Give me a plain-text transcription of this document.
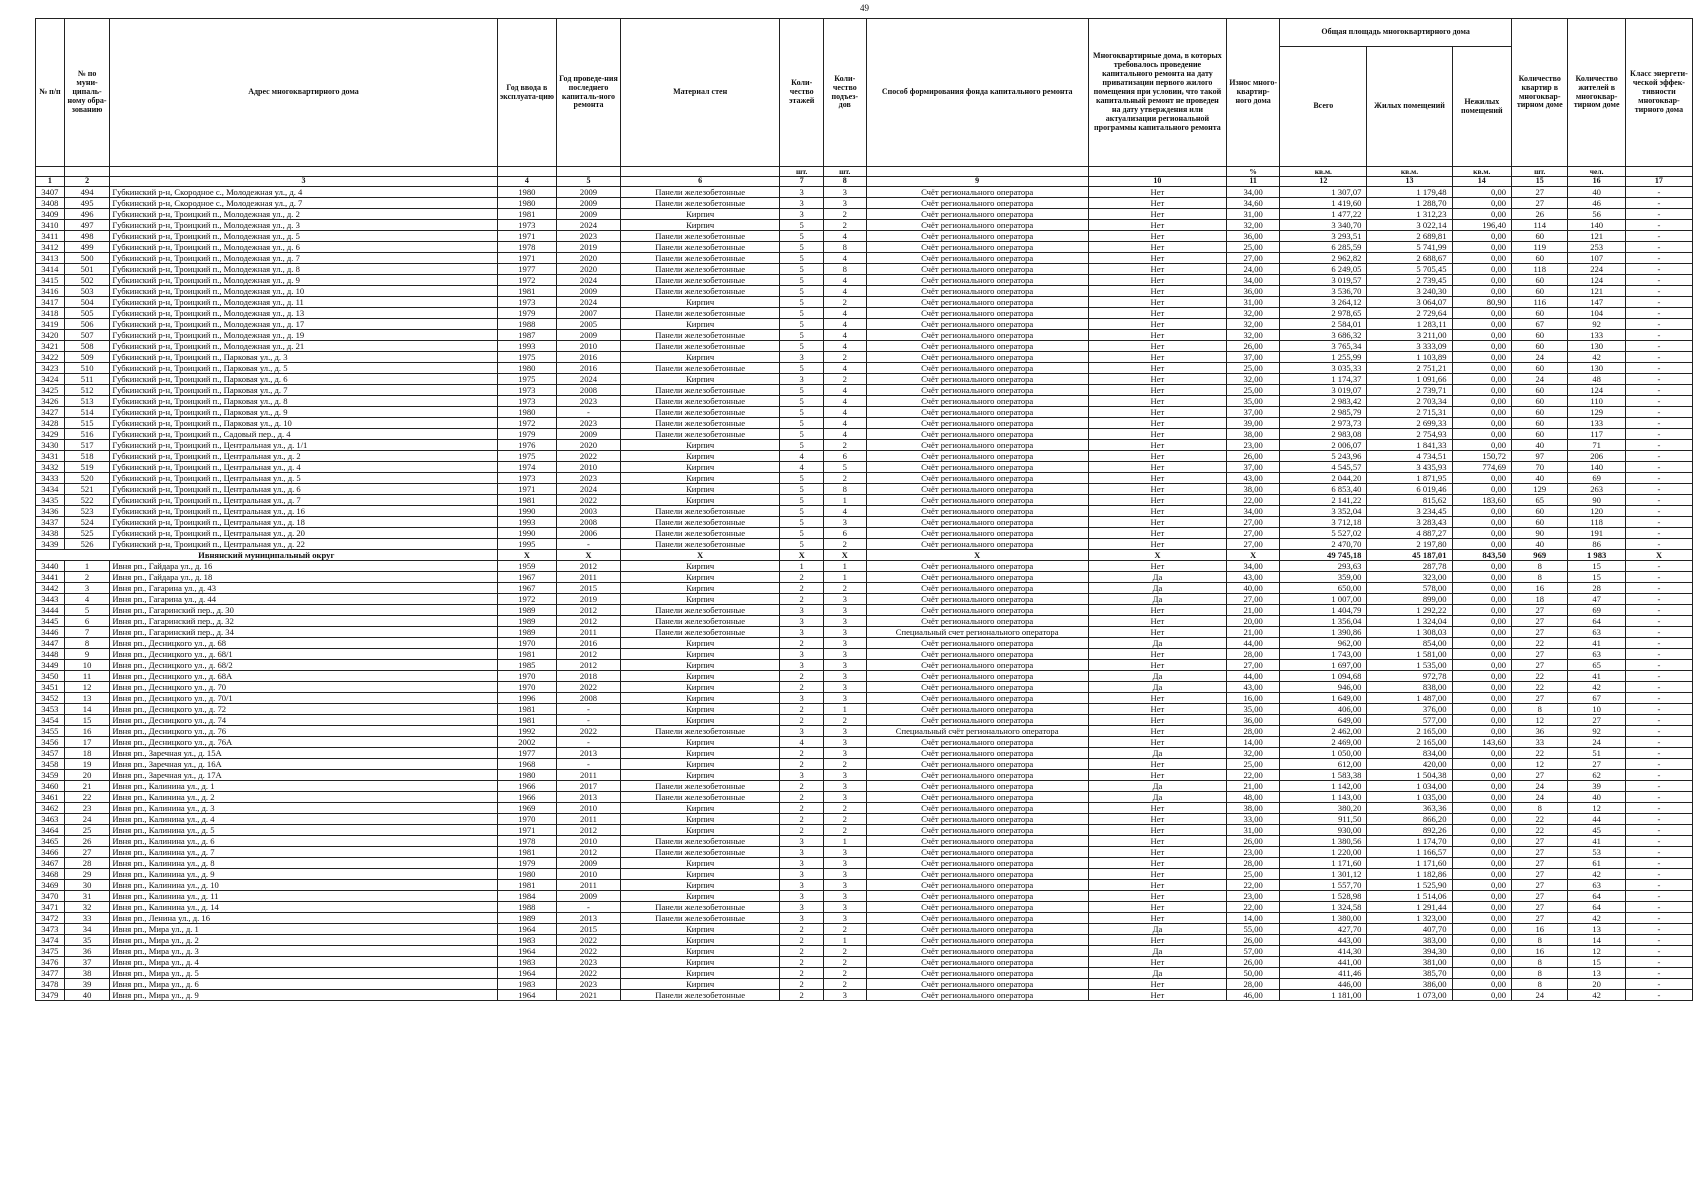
49
№ п/п	№ по муни-ципаль-ному обра-зованию	Адрес многоквартирного дома	Год ввода в эксплуата-цию	Год проведе-ния последнего капиталь-ного ремонта	Материал стен	Коли-чество этажей	Коли-чество подъез-дов	Способ формирования фонда капитального ремонта	Многоквартирные дома, в которых требовалось проведение капитального ремонта на дату приватизации первого жилого помещения при условии, что такой капитальный ремонт не проведен на дату утверждения или актуализации региональной программы капитального ремонта	Износ много-квартир-ного дома	Общая площадь многоквартирного дома			Количество квартир в многоквар-тирном доме	Количество жителей в многоквар-тирном доме	Класс энергети-ческой эффек-тивности многоквар-тирного дома
											Всего	Жилых помещений	Нежилых помещений			
						шт.	шт.			%	кв.м.	кв.м.	кв.м.	шт.	чел.	
1	2	3	4	5	6	7	8	9	10	11	12	13	14	15	16	17
3407	494	Губкинский р-н, Скородное с., Молодежная ул., д. 4	1980	2009	Панели железобетонные	3	3	Счёт регионального оператора	Нет	34,00	1 307,07	1 179,48	0,00	27	40	-
3408	495	Губкинский р-н, Скородное с., Молодежная ул., д. 7	1980	2009	Панели железобетонные	3	3	Счёт регионального оператора	Нет	34,60	1 419,60	1 288,70	0,00	27	46	-
3409	496	Губкинский р-н, Троицкий п., Молодежная ул., д. 2	1981	2009	Кирпич	3	2	Счёт регионального оператора	Нет	31,00	1 477,22	1 312,23	0,00	26	56	-
3410	497	Губкинский р-н, Троицкий п., Молодежная ул., д. 3	1973	2024	Кирпич	5	2	Счёт регионального оператора	Нет	32,00	3 340,70	3 022,14	196,40	114	140	-
3411	498	Губкинский р-н, Троицкий п., Молодежная ул., д. 5	1971	2023	Панели железобетонные	5	4	Счёт регионального оператора	Нет	36,00	3 293,51	2 689,81	0,00	60	121	-
3412	499	Губкинский р-н, Троицкий п., Молодежная ул., д. 6	1978	2019	Панели железобетонные	5	8	Счёт регионального оператора	Нет	25,00	6 285,59	5 741,99	0,00	119	253	-
3413	500	Губкинский р-н, Троицкий п., Молодежная ул., д. 7	1971	2020	Панели железобетонные	5	4	Счёт регионального оператора	Нет	27,00	2 962,82	2 688,67	0,00	60	107	-
3414	501	Губкинский р-н, Троицкий п., Молодежная ул., д. 8	1977	2020	Панели железобетонные	5	8	Счёт регионального оператора	Нет	24,00	6 249,05	5 705,45	0,00	118	224	-
3415	502	Губкинский р-н, Троицкий п., Молодежная ул., д. 9	1972	2024	Панели железобетонные	5	4	Счёт регионального оператора	Нет	34,00	3 019,57	2 739,45	0,00	60	124	-
3416	503	Губкинский р-н, Троицкий п., Молодежная ул., д. 10	1981	2009	Панели железобетонные	5	4	Счёт регионального оператора	Нет	36,00	3 536,70	3 240,30	0,00	60	121	-
3417	504	Губкинский р-н, Троицкий п., Молодежная ул., д. 11	1973	2024	Кирпич	5	2	Счёт регионального оператора	Нет	31,00	3 264,12	3 064,07	80,90	116	147	-
3418	505	Губкинский р-н, Троицкий п., Молодежная ул., д. 13	1979	2007	Панели железобетонные	5	4	Счёт регионального оператора	Нет	32,00	2 978,65	2 729,64	0,00	60	104	-
3419	506	Губкинский р-н, Троицкий п., Молодежная ул., д. 17	1988	2005	Кирпич	5	4	Счёт регионального оператора	Нет	32,00	2 584,01	1 283,11	0,00	67	92	-
3420	507	Губкинский р-н, Троицкий п., Молодежная ул., д. 19	1987	2009	Панели железобетонные	5	4	Счёт регионального оператора	Нет	32,00	3 686,32	3 211,00	0,00	60	133	-
3421	508	Губкинский р-н, Троицкий п., Молодежная ул., д. 21	1993	2010	Панели железобетонные	5	4	Счёт регионального оператора	Нет	26,00	3 765,34	3 333,09	0,00	60	130	-
3422	509	Губкинский р-н, Троицкий п., Парковая ул., д. 3	1975	2016	Кирпич	3	2	Счёт регионального оператора	Нет	37,00	1 255,99	1 103,89	0,00	24	42	-
3423	510	Губкинский р-н, Троицкий п., Парковая ул., д. 5	1980	2016	Панели железобетонные	5	4	Счёт регионального оператора	Нет	25,00	3 035,33	2 751,21	0,00	60	130	-
3424	511	Губкинский р-н, Троицкий п., Парковая ул., д. 6	1975	2024	Кирпич	3	2	Счёт регионального оператора	Нет	32,00	1 174,37	1 091,66	0,00	24	48	-
3425	512	Губкинский р-н, Троицкий п., Парковая ул., д. 7	1973	2008	Панели железобетонные	5	4	Счёт регионального оператора	Нет	25,00	3 019,07	2 739,71	0,00	60	124	-
3426	513	Губкинский р-н, Троицкий п., Парковая ул., д. 8	1973	2023	Панели железобетонные	5	4	Счёт регионального оператора	Нет	35,00	2 983,42	2 703,34	0,00	60	110	-
3427	514	Губкинский р-н, Троицкий п., Парковая ул., д. 9	1980	-	Панели железобетонные	5	4	Счёт регионального оператора	Нет	37,00	2 985,79	2 715,31	0,00	60	129	-
3428	515	Губкинский р-н, Троицкий п., Парковая ул., д. 10	1972	2023	Панели железобетонные	5	4	Счёт регионального оператора	Нет	39,00	2 973,73	2 699,33	0,00	60	133	-
3429	516	Губкинский р-н, Троицкий п., Садовый пер., д. 4	1979	2009	Панели железобетонные	5	4	Счёт регионального оператора	Нет	38,00	2 983,08	2 754,93	0,00	60	117	-
3430	517	Губкинский р-н, Троицкий п., Центральная ул., д. 1/1	1976	2020	Кирпич	5	2	Счёт регионального оператора	Нет	23,00	2 006,07	1 841,33	0,00	40	71	-
3431	518	Губкинский р-н, Троицкий п., Центральная ул., д. 2	1975	2022	Кирпич	4	6	Счёт регионального оператора	Нет	26,00	5 243,96	4 734,51	150,72	97	206	-
3432	519	Губкинский р-н, Троицкий п., Центральная ул., д. 4	1974	2010	Кирпич	4	5	Счёт регионального оператора	Нет	37,00	4 545,57	3 435,93	774,69	70	140	-
3433	520	Губкинский р-н, Троицкий п., Центральная ул., д. 5	1973	2023	Кирпич	5	2	Счёт регионального оператора	Нет	43,00	2 044,20	1 871,95	0,00	40	69	-
3434	521	Губкинский р-н, Троицкий п., Центральная ул., д. 6	1971	2024	Кирпич	5	8	Счёт регионального оператора	Нет	38,00	6 853,40	6 019,46	0,00	129	263	-
3435	522	Губкинский р-н, Троицкий п., Центральная ул., д. 7	1981	2022	Кирпич	5	1	Счёт регионального оператора	Нет	22,00	2 141,22	815,62	183,60	65	90	-
3436	523	Губкинский р-н, Троицкий п., Центральная ул., д. 16	1990	2003	Панели железобетонные	5	4	Счёт регионального оператора	Нет	34,00	3 352,04	3 234,45	0,00	60	120	-
3437	524	Губкинский р-н, Троицкий п., Центральная ул., д. 18	1993	2008	Панели железобетонные	5	3	Счёт регионального оператора	Нет	27,00	3 712,18	3 283,43	0,00	60	118	-
3438	525	Губкинский р-н, Троицкий п., Центральная ул., д. 20	1990	2006	Панели железобетонные	5	6	Счёт регионального оператора	Нет	27,00	5 527,02	4 887,27	0,00	90	191	-
3439	526	Губкинский р-н, Троицкий п., Центральная ул., д. 22	1995	-	Панели железобетонные	5	2	Счёт регионального оператора	Нет	27,00	2 470,70	2 197,80	0,00	40	86	-
Ивнянский муниципальный округ			X	X	X	X	X	X	X	X	49 745,18	45 187,01	843,50	969	1 983	X
3440	1	Ивня рп., Гайдара ул., д. 16	1959	2012	Кирпич	1	1	Счёт регионального оператора	Нет	34,00	293,63	287,78	0,00	8	15	-
3441	2	Ивня рп., Гайдара ул., д. 18	1967	2011	Кирпич	2	1	Счёт регионального оператора	Да	43,00	359,00	323,00	0,00	8	15	-
3442	3	Ивня рп., Гагарина ул., д. 43	1967	2015	Кирпич	2	2	Счёт регионального оператора	Да	40,00	650,00	578,00	0,00	16	28	-
3443	4	Ивня рп., Гагарина ул., д. 44	1972	2019	Кирпич	2	3	Счёт регионального оператора	Да	27,00	1 007,00	899,00	0,00	18	47	-
3444	5	Ивня рп., Гагаринский пер., д. 30	1989	2012	Панели железобетонные	3	3	Счёт регионального оператора	Нет	21,00	1 404,79	1 292,22	0,00	27	69	-
3445	6	Ивня рп., Гагаринский пер., д. 32	1989	2012	Панели железобетонные	3	3	Счёт регионального оператора	Нет	20,00	1 356,04	1 324,04	0,00	27	64	-
3446	7	Ивня рп., Гагаринский пер., д. 34	1989	2011	Панели железобетонные	3	3	Специальный счет регионального оператора	Нет	21,00	1 390,86	1 308,03	0,00	27	63	-
3447	8	Ивня рп., Десницкого ул., д. 68	1970	2016	Кирпич	2	3	Счёт регионального оператора	Да	44,00	962,00	854,00	0,00	22	41	-
3448	9	Ивня рп., Десницкого ул., д. 68/1	1981	2012	Кирпич	3	3	Счёт регионального оператора	Нет	28,00	1 743,00	1 581,00	0,00	27	63	-
3449	10	Ивня рп., Десницкого ул., д. 68/2	1985	2012	Кирпич	3	3	Счёт регионального оператора	Нет	27,00	1 697,00	1 535,00	0,00	27	65	-
3450	11	Ивня рп., Десницкого ул., д. 68А	1970	2018	Кирпич	2	3	Счёт регионального оператора	Да	44,00	1 094,68	972,78	0,00	22	41	-
3451	12	Ивня рп., Десницкого ул., д. 70	1970	2022	Кирпич	2	3	Счёт регионального оператора	Да	43,00	946,00	838,00	0,00	22	42	-
3452	13	Ивня рп., Десницкого ул., д. 70/1	1996	2008	Кирпич	3	3	Счёт регионального оператора	Нет	16,00	1 649,00	1 487,00	0,00	27	67	-
3453	14	Ивня рп., Десницкого ул., д. 72	1981	-	Кирпич	2	1	Счёт регионального оператора	Нет	35,00	406,00	376,00	0,00	8	10	-
3454	15	Ивня рп., Десницкого ул., д. 74	1981	-	Кирпич	2	2	Счёт регионального оператора	Нет	36,00	649,00	577,00	0,00	12	27	-
3455	16	Ивня рп., Десницкого ул., д. 76	1992	2022	Панели железобетонные	3	3	Специальный счёт регионального оператора	Нет	28,00	2 462,00	2 165,00	0,00	36	92	-
3456	17	Ивня рп., Десницкого ул., д. 76А	2002	-	Кирпич	4	3	Счёт регионального оператора	Нет	14,00	2 469,00	2 165,00	143,60	33	24	-
3457	18	Ивня рп., Заречная ул., д. 15А	1977	2013	Кирпич	2	3	Счёт регионального оператора	Да	32,00	1 050,00	834,00	0,00	22	51	-
3458	19	Ивня рп., Заречная ул., д. 16А	1968	-	Кирпич	2	2	Счёт регионального оператора	Нет	25,00	612,00	420,00	0,00	12	27	-
3459	20	Ивня рп., Заречная ул., д. 17А	1980	2011	Кирпич	3	3	Счёт регионального оператора	Нет	22,00	1 583,38	1 504,38	0,00	27	62	-
3460	21	Ивня рп., Калинина ул., д. 1	1966	2017	Панели железобетонные	2	3	Счёт регионального оператора	Да	21,00	1 142,00	1 034,00	0,00	24	39	-
3461	22	Ивня рп., Калинина ул., д. 2	1966	2013	Панели железобетонные	2	3	Счёт регионального оператора	Да	48,00	1 143,00	1 035,00	0,00	24	40	-
3462	23	Ивня рп., Калинина ул., д. 3	1969	2010	Кирпич	2	2	Счёт регионального оператора	Нет	38,00	380,20	363,36	0,00	8	12	-
3463	24	Ивня рп., Калинина ул., д. 4	1970	2011	Кирпич	2	2	Счёт регионального оператора	Нет	33,00	911,50	866,20	0,00	22	44	-
3464	25	Ивня рп., Калинина ул., д. 5	1971	2012	Кирпич	2	2	Счёт регионального оператора	Нет	31,00	930,00	892,26	0,00	22	45	-
3465	26	Ивня рп., Калинина ул., д. 6	1978	2010	Панели железобетонные	3	1	Счёт регионального оператора	Нет	26,00	1 380,56	1 174,70	0,00	27	41	-
3466	27	Ивня рп., Калинина ул., д. 7	1981	2012	Панели железобетонные	3	3	Счёт регионального оператора	Нет	23,00	1 220,00	1 166,57	0,00	27	53	-
3467	28	Ивня рп., Калинина ул., д. 8	1979	2009	Кирпич	3	3	Счёт регионального оператора	Нет	28,00	1 171,60	1 171,60	0,00	27	61	-
3468	29	Ивня рп., Калинина ул., д. 9	1980	2010	Кирпич	3	3	Счёт регионального оператора	Нет	25,00	1 301,12	1 182,86	0,00	27	42	-
3469	30	Ивня рп., Калинина ул., д. 10	1981	2011	Кирпич	3	3	Счёт регионального оператора	Нет	22,00	1 557,70	1 525,90	0,00	27	63	-
3470	31	Ивня рп., Калинина ул., д. 11	1984	2009	Кирпич	3	3	Счёт регионального оператора	Нет	23,00	1 528,98	1 514,06	0,00	27	64	-
3471	32	Ивня рп., Калинина ул., д. 14	1988	-	Панели железобетонные	3	3	Счёт регионального оператора	Нет	22,00	1 324,58	1 291,44	0,00	27	64	-
3472	33	Ивня рп., Ленина ул., д. 16	1989	2013	Панели железобетонные	3	3	Счёт регионального оператора	Нет	14,00	1 380,00	1 323,00	0,00	27	42	-
3473	34	Ивня рп., Мира ул., д. 1	1964	2015	Кирпич	2	2	Счёт регионального оператора	Да	55,00	427,70	407,70	0,00	16	13	-
3474	35	Ивня рп., Мира ул., д. 2	1983	2022	Кирпич	2	1	Счёт регионального оператора	Нет	26,00	443,00	383,00	0,00	8	14	-
3475	36	Ивня рп., Мира ул., д. 3	1964	2022	Кирпич	2	2	Счёт регионального оператора	Да	57,00	414,30	394,30	0,00	16	12	-
3476	37	Ивня рп., Мира ул., д. 4	1983	2023	Кирпич	2	2	Счёт регионального оператора	Нет	26,00	441,00	381,00	0,00	8	15	-
3477	38	Ивня рп., Мира ул., д. 5	1964	2022	Кирпич	2	2	Счёт регионального оператора	Да	50,00	411,46	385,70	0,00	8	13	-
3478	39	Ивня рп., Мира ул., д. 6	1983	2023	Кирпич	2	2	Счёт регионального оператора	Нет	28,00	446,00	386,00	0,00	8	20	-
3479	40	Ивня рп., Мира ул., д. 9	1964	2021	Панели железобетонные	2	3	Счёт регионального оператора	Нет	46,00	1 181,00	1 073,00	0,00	24	42	-
